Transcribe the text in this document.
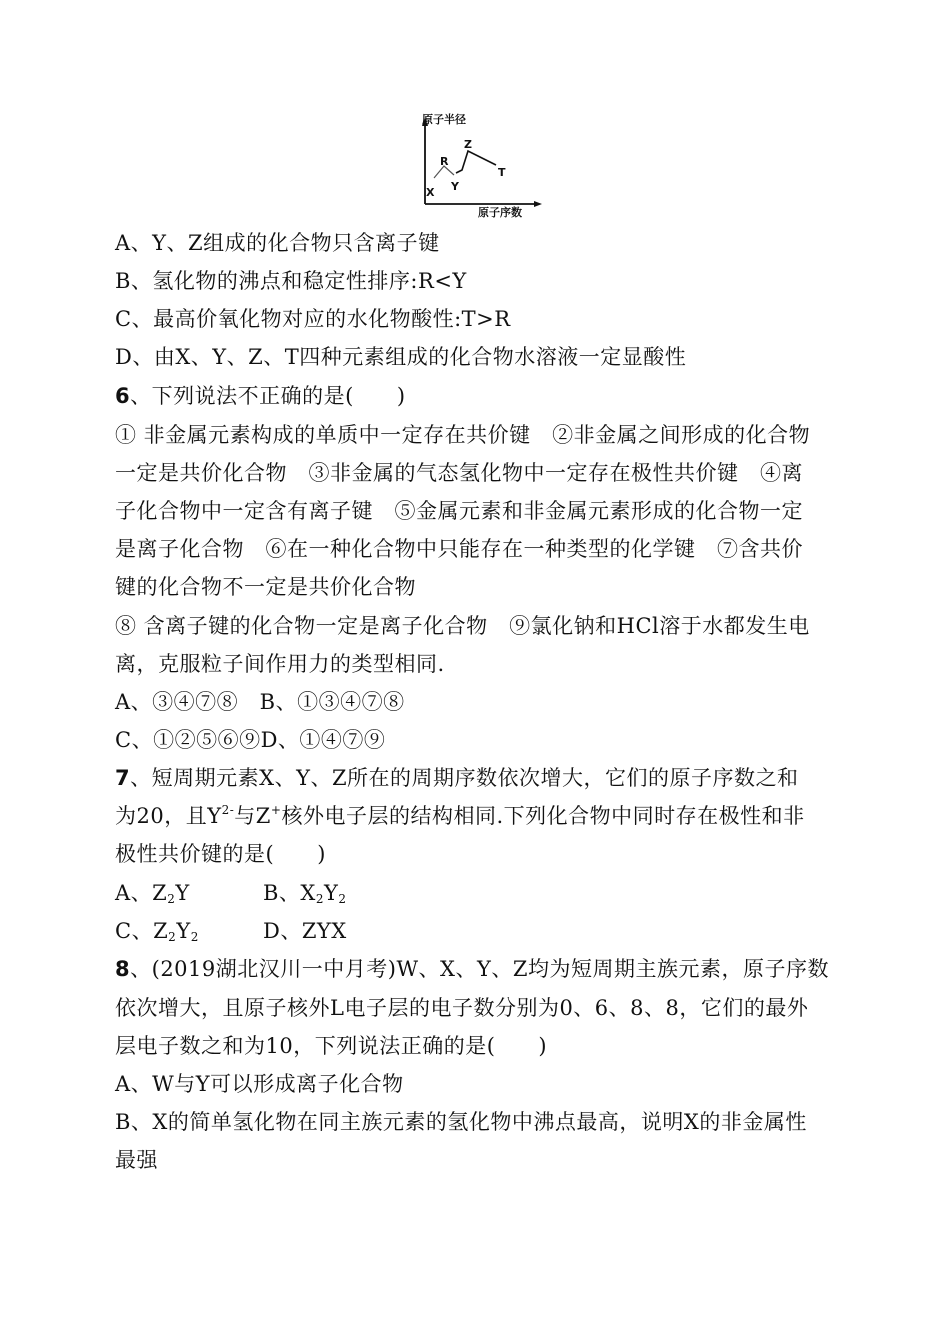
原子半径
原子序数
X
R
Y
Z
T
A、Y、Z组成的化合物只含离子键
B、氢化物的沸点和稳定性排序:R<Y
C、最高价氧化物对应的水化物酸性:T>R
D、由X、Y、Z、T四种元素组成的化合物水溶液一定显酸性
6、下列说法不正确的是(　　)
① 非金属元素构成的单质中一定存在共价键　②非金属之间形成的化合物
一定是共价化合物　③非金属的气态氢化物中一定存在极性共价键　④离
子化合物中一定含有离子键　⑤金属元素和非金属元素形成的化合物一定
是离子化合物　⑥在一种化合物中只能存在一种类型的化学键　⑦含共价
键的化合物不一定是共价化合物
⑧ 含离子键的化合物一定是离子化合物　⑨氯化钠和HCl溶于水都发生电
离，克服粒子间作用力的类型相同.
A、③④⑦⑧　B、①③④⑦⑧
C、①②⑤⑥⑨D、①④⑦⑨
7、短周期元素X、Y、Z所在的周期序数依次增大，它们的原子序数之和
为20，且$Y^{2-}$与Z+核外电子层的结构相同.下列化合物中同时存在极性和非
极性共价键的是(　　)
A、$Z_2Y$	B、$X_2Y_2$
C、$Z_2Y_2$	D、ZYX
8、(2019湖北汉川一中月考)W、X、Y、Z均为短周期主族元素，原子序数
依次增大，且原子核外L电子层的电子数分别为0、6、8、8，它们的最外
层电子数之和为10，下列说法正确的是(　　)
A、W与Y可以形成离子化合物
B、X的简单氢化物在同主族元素的氢化物中沸点最高，说明X的非金属性
最强
